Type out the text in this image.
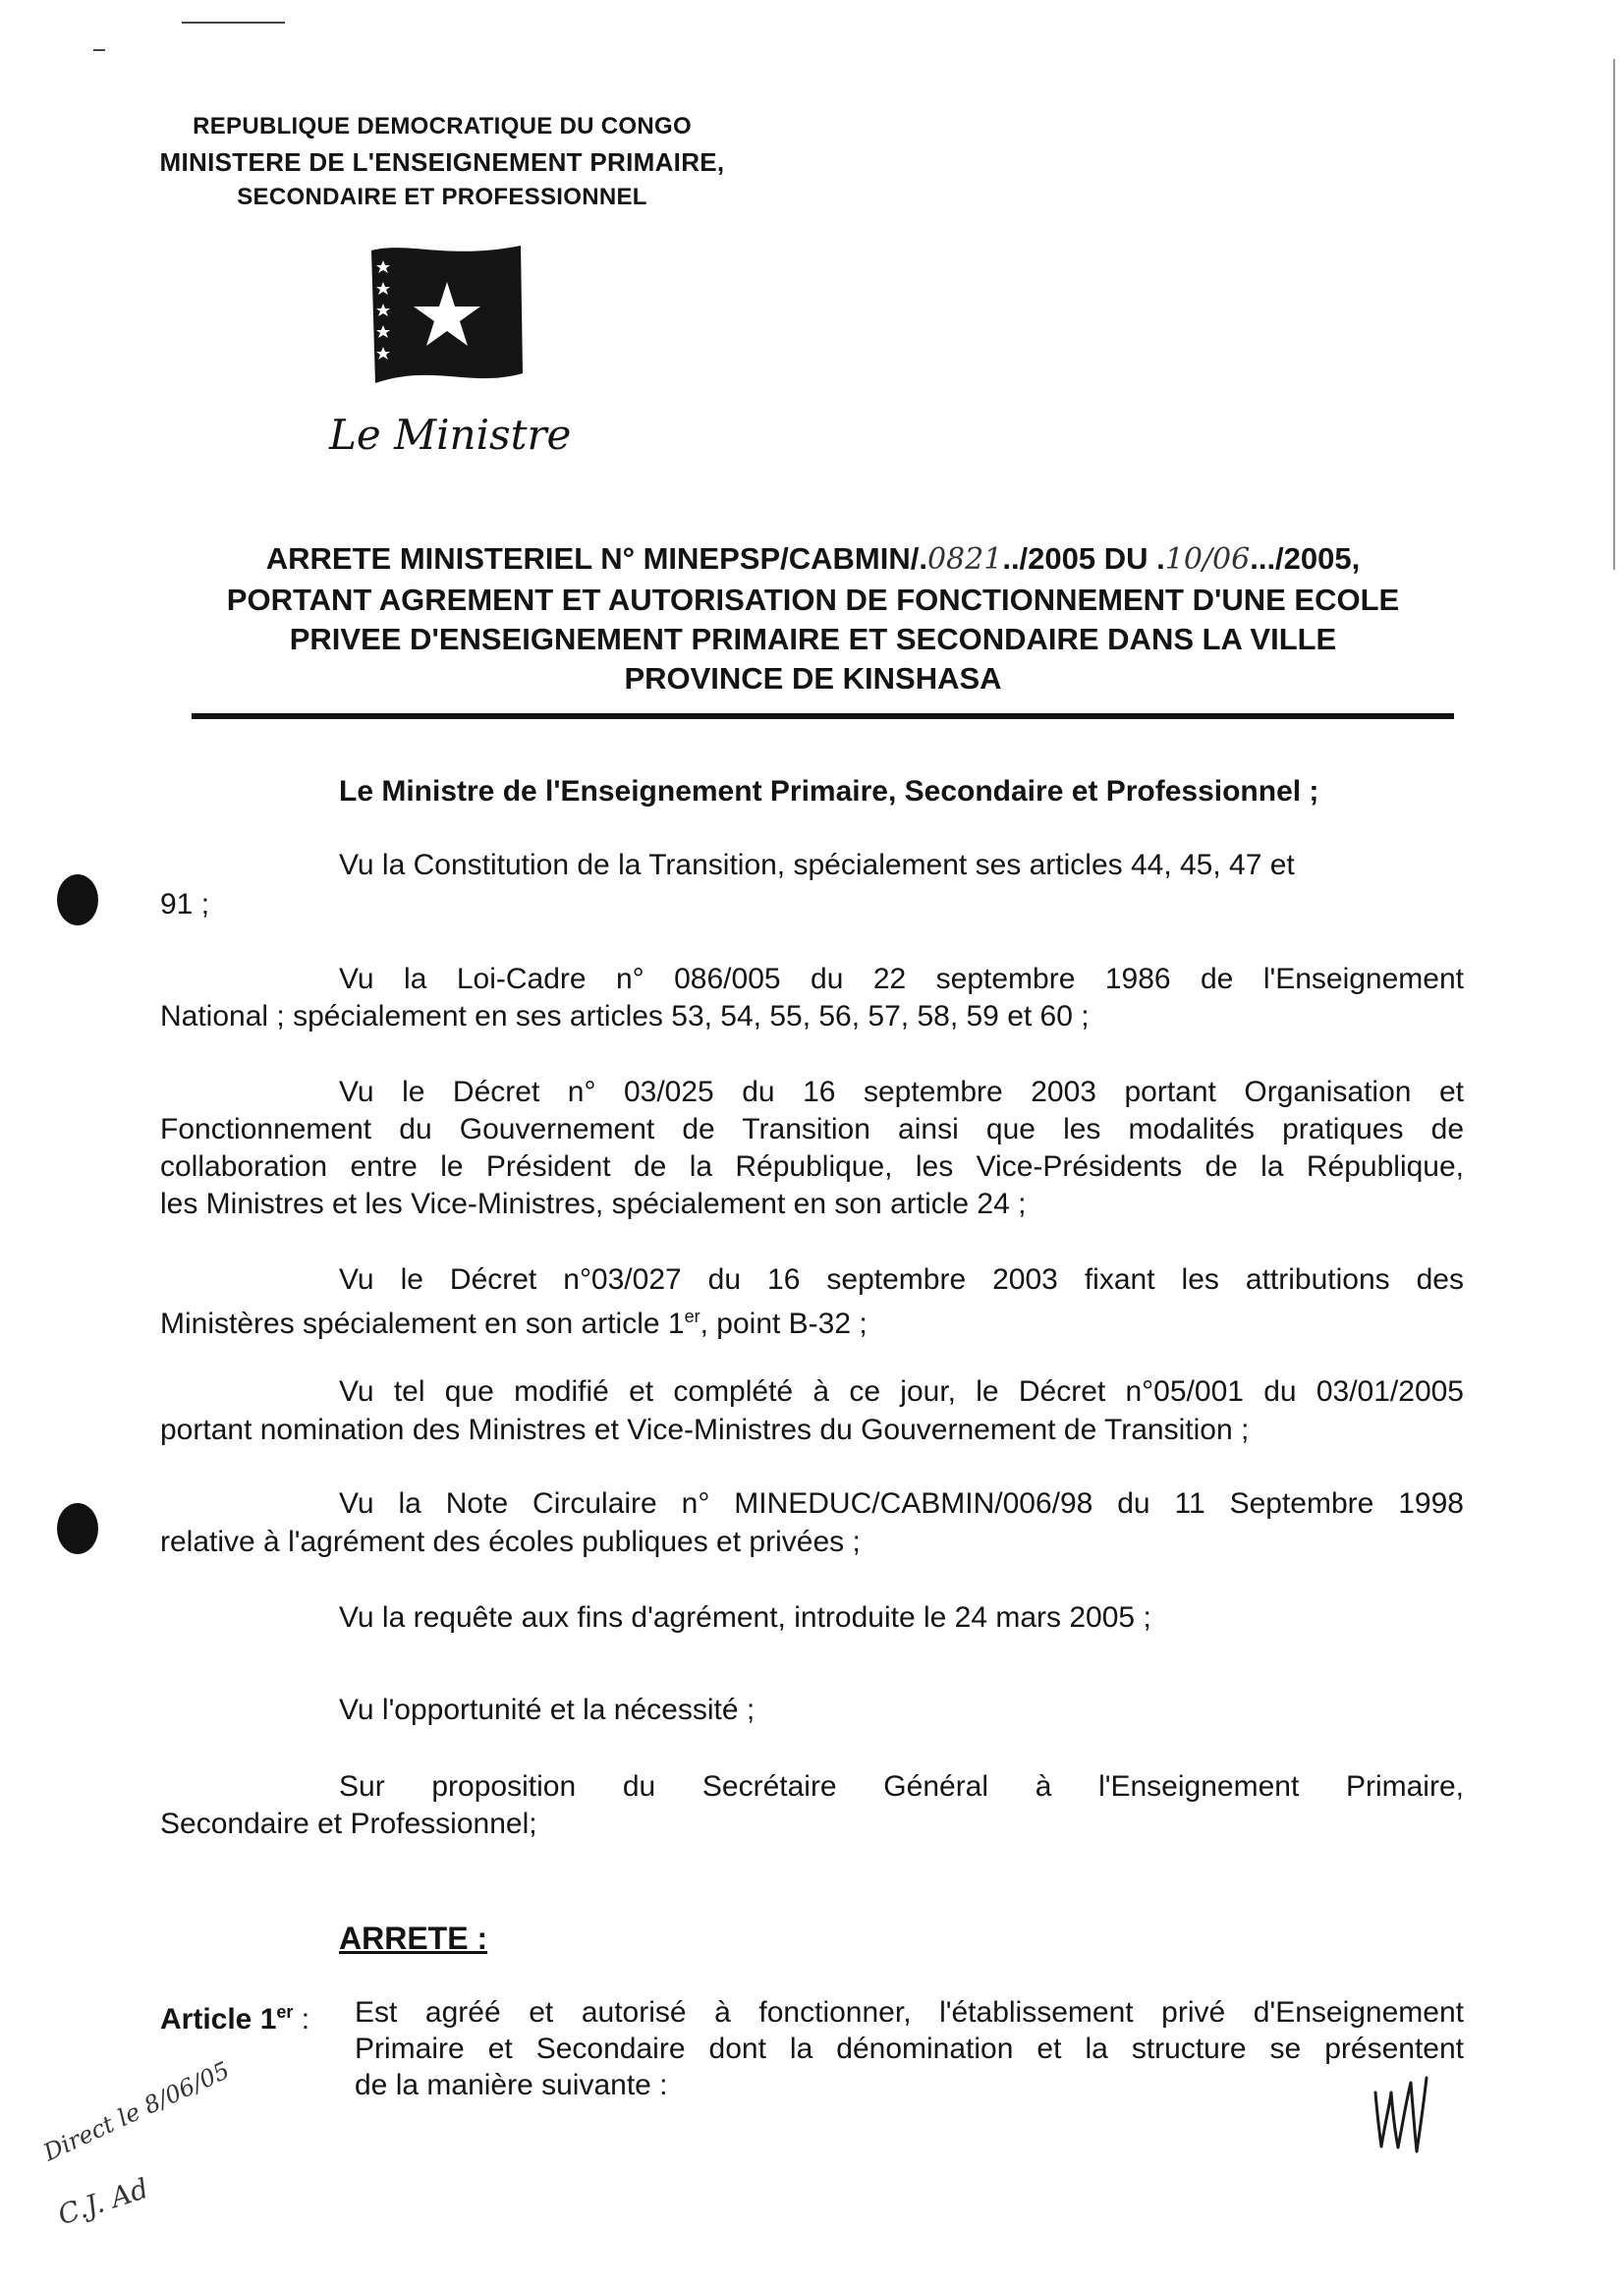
REPUBLIQUE DEMOCRATIQUE DU CONGO
MINISTERE DE L'ENSEIGNEMENT PRIMAIRE,
SECONDAIRE ET PROFESSIONNEL
Le Ministre
ARRETE MINISTERIEL N° MINEPSP/CABMIN/.0821../2005 DU .10/06.../2005,
PORTANT AGREMENT ET AUTORISATION DE FONCTIONNEMENT D'UNE ECOLE
PRIVEE D'ENSEIGNEMENT PRIMAIRE ET SECONDAIRE DANS LA VILLE
PROVINCE DE KINSHASA
Le Ministre de l'Enseignement Primaire, Secondaire et Professionnel ;
Vu la Constitution de la Transition, spécialement ses articles 44, 45, 47 et
91 ;
Vu la Loi-Cadre n° 086/005 du 22 septembre 1986 de l'Enseignement
National ; spécialement en ses articles 53, 54, 55, 56, 57, 58, 59 et 60 ;
Vu le Décret n° 03/025 du 16 septembre 2003 portant Organisation et
Fonctionnement du Gouvernement de Transition ainsi que les modalités pratiques de
collaboration entre le Président de la République, les Vice-Présidents de la République,
les Ministres et les Vice-Ministres, spécialement en son article 24 ;
Vu le Décret n°03/027 du 16 septembre 2003 fixant les attributions des
Ministères spécialement en son article 1er, point B-32 ;
Vu tel que modifié et complété à ce jour, le Décret n°05/001 du 03/01/2005
portant nomination des Ministres et Vice-Ministres du Gouvernement de Transition ;
Vu la Note Circulaire n° MINEDUC/CABMIN/006/98 du 11 Septembre 1998
relative à l'agrément des écoles publiques et privées ;
Vu la requête aux fins d'agrément, introduite le 24 mars 2005 ;
Vu l'opportunité et la nécessité ;
Sur proposition du Secrétaire Général à l'Enseignement Primaire,
Secondaire et Professionnel;
ARRETE :
Article 1er : Est agréé et autorisé à fonctionner, l'établissement privé d'Enseignement
Primaire et Secondaire dont la dénomination et la structure se présentent
de la manière suivante :
Direct le 8/06/05
C.J. Ad
